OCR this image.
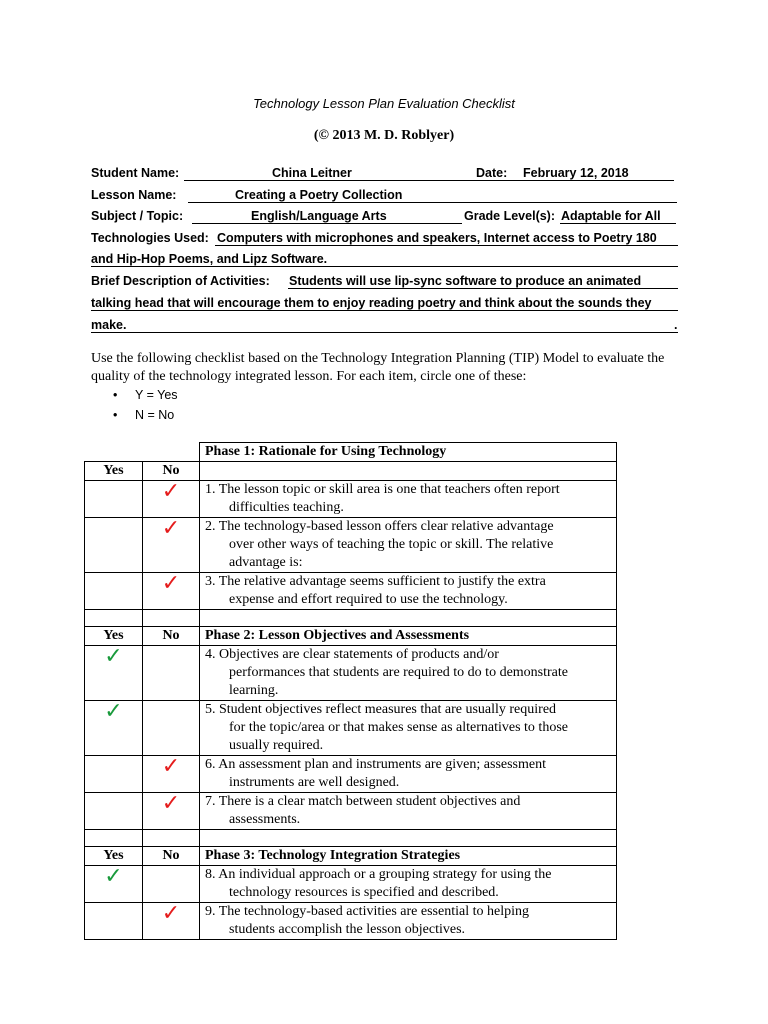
Technology Lesson Plan Evaluation Checklist
(© 2013 M. D. Roblyer)
Student Name:	China Leitner	Date: February 12, 2018
Lesson Name:	Creating a Poetry Collection
Subject / Topic:	English/Language Arts	Grade Level(s): Adaptable for All
Technologies Used: Computers with microphones and speakers, Internet access to Poetry 180
and Hip-Hop Poems, and Lipz Software.
Brief Description of Activities: Students will use lip-sync software to produce an animated
talking head that will encourage them to enjoy reading poetry and think about the sounds they
make.	.
Use the following checklist based on the Technology Integration Planning (TIP) Model to evaluate the quality of the technology integrated lesson. For each item, circle one of these:
• Y = Yes
• N = No
		Phase 1: Rationale for Using Technology
Yes	No	
	✓	1. The lesson topic or skill area is one that teachers often report
difficulties teaching.

	✓	2. The technology-based lesson offers clear relative advantage
over other ways of teaching the topic or skill. The relative
advantage is:

	✓	3. The relative advantage seems sufficient to justify the extra
expense and effort required to use the technology.

Yes	No	Phase 2: Lesson Objectives and Assessments
✓		4. Objectives are clear statements of products and/or
performances that students are required to do to demonstrate
learning.

✓		5. Student objectives reflect measures that are usually required
for the topic/area or that makes sense as alternatives to those
usually required.

	✓	6. An assessment plan and instruments are given; assessment
instruments are well designed.

	✓	7. There is a clear match between student objectives and
assessments.

Yes	No	Phase 3: Technology Integration Strategies
✓		8. An individual approach or a grouping strategy for using the
technology resources is specified and described.

	✓	9. The technology-based activities are essential to helping
students accomplish the lesson objectives.
